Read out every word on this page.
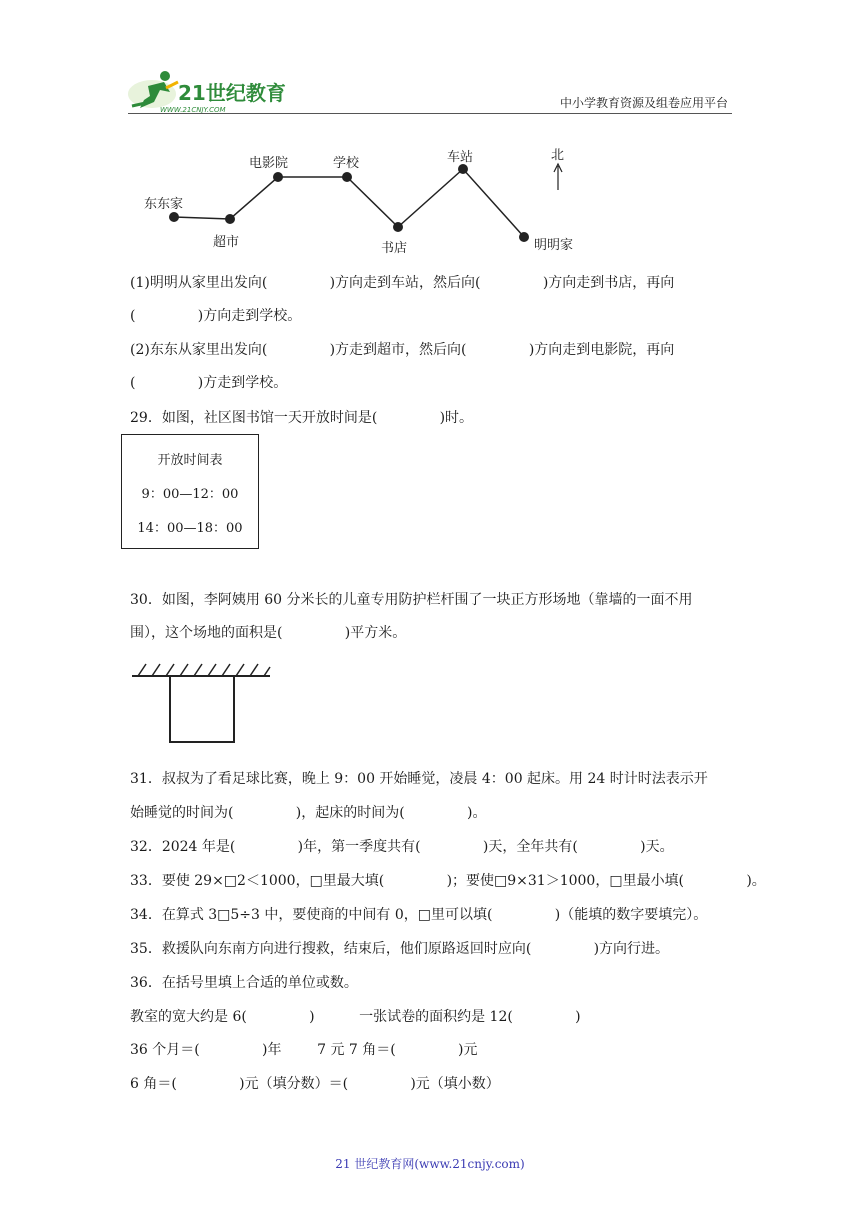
21世纪教育
WWW.21CNJY.COM	中小学教育资源及组卷应用平台
东东家
超市
电影院	学校
书店
车站
明明家
北
(1)明明从家里出发向(              )方向走到车站，然后向(              )方向走到书店，再向
(              )方向走到学校。
(2)东东从家里出发向(              )方走到超市，然后向(              )方向走到电影院，再向
(              )方走到学校。
29．如图，社区图书馆一天开放时间是(              )时。
开放时间表
9：00—12：00
14：00—18：00
30．如图，李阿姨用 60 分米长的儿童专用防护栏杆围了一块正方形场地（靠墙的一面不用
围），这个场地的面积是(              )平方米。
31．叔叔为了看足球比赛，晚上 9：00 开始睡觉，凌晨 4：00 起床。用 24 时计时法表示开
始睡觉的时间为(              )，起床的时间为(              )。
32．2024 年是(              )年，第一季度共有(              )天，全年共有(              )天。
33．要使 29×□2＜1000，□里最大填(              )；要使□9×31＞1000，□里最小填(              )。
34．在算式 3□5÷3 中，要使商的中间有 0，□里可以填(              )（能填的数字要填完）。
35．救援队向东南方向进行搜救，结束后，他们原路返回时应向(              )方向行进。
36．在括号里填上合适的单位或数。
教室的宽大约是 6(              )          一张试卷的面积约是 12(              )
36 个月＝(              )年        7 元 7 角＝(              )元
6 角＝(              )元（填分数）＝(              )元（填小数）
21 世纪教育网(www.21cnjy.com)
